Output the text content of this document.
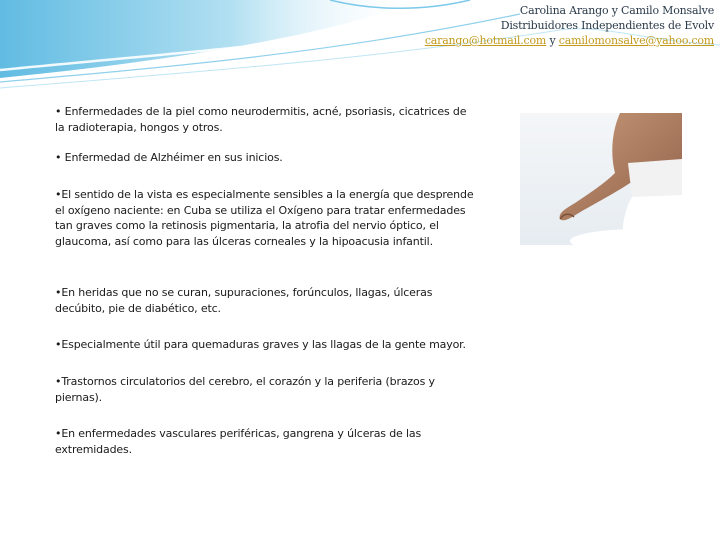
Carolina Arango y Camilo Monsalve
Distribuidores Independientes de Evolv
carango@hotmail.com y camilomonsalve@yahoo.com
• Enfermedades de la piel como neurodermitis, acné, psoriasis, cicatrices de la radioterapia, hongos y otros.
• Enfermedad de Alzhéimer en sus inicios.
•El sentido de la vista es especialmente sensibles a la energía que desprende el oxígeno naciente: en Cuba se utiliza el Oxígeno para tratar enfermedades tan graves como la retinosis pigmentaria, la atrofia del nervio óptico, el glaucoma, así como para las úlceras corneales y la hipoacusia infantil.
•En heridas que no se curan, supuraciones, forúnculos, llagas, úlceras decúbito, pie de diabético, etc.
•Especialmente útil para quemaduras graves y las llagas de la gente mayor.
•Trastornos circulatorios del cerebro, el corazón y la periferia (brazos y piernas).
•En enfermedades vasculares periféricas, gangrena y úlceras de las extremidades.
